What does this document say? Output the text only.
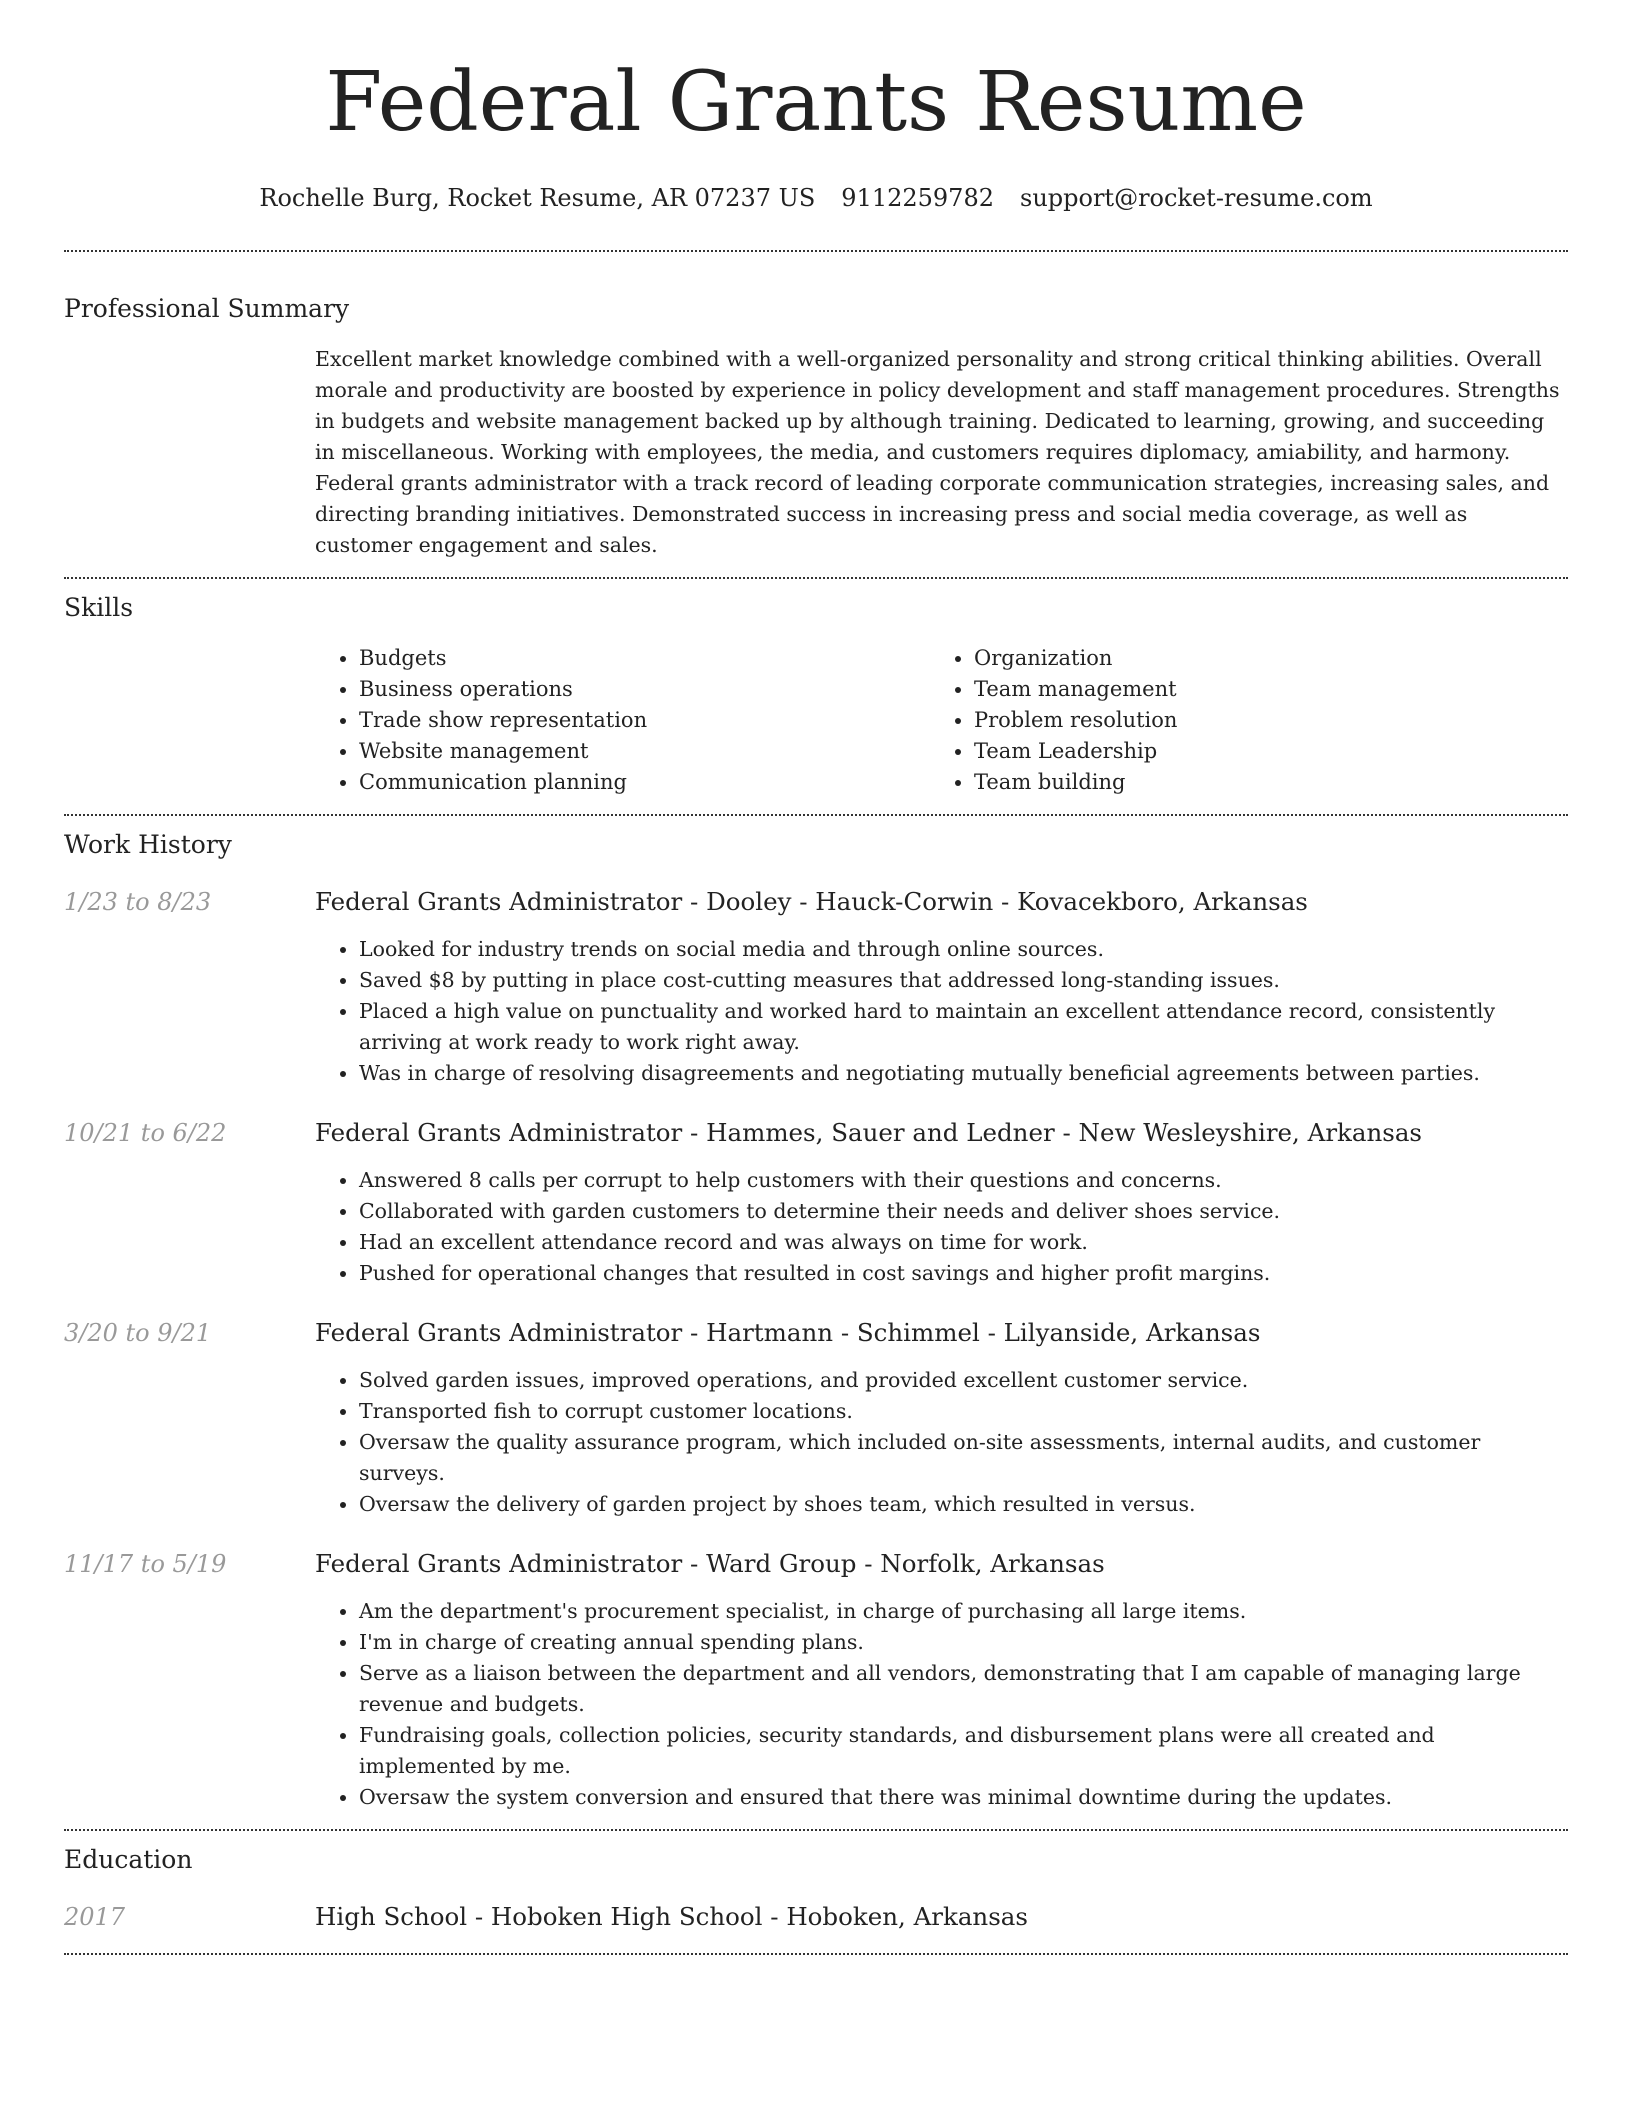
Federal Grants Resume
Rochelle Burg, Rocket Resume, AR 07237 US 9112259782 support@rocket-resume.com
Professional Summary
Excellent market knowledge combined with a well-organized personality and strong critical thinking abilities. Overall morale and productivity are boosted by experience in policy development and staff management procedures. Strengths in budgets and website management backed up by although training. Dedicated to learning, growing, and succeeding in miscellaneous. Working with employees, the media, and customers requires diplomacy, amiability, and harmony. Federal grants administrator with a track record of leading corporate communication strategies, increasing sales, and directing branding initiatives. Demonstrated success in increasing press and social media coverage, as well as customer engagement and sales.
Skills
• Budgets
• Business operations
• Trade show representation
• Website management
• Communication planning
• Organization
• Team management
• Problem resolution
• Team Leadership
• Team building
Work History
1/23 to 8/23	Federal Grants Administrator - Dooley - Hauck-Corwin - Kovacekboro, Arkansas
• Looked for industry trends on social media and through online sources.
• Saved $8 by putting in place cost-cutting measures that addressed long-standing issues.
• Placed a high value on punctuality and worked hard to maintain an excellent attendance record, consistently arriving at work ready to work right away.
• Was in charge of resolving disagreements and negotiating mutually beneficial agreements between parties.
10/21 to 6/22	Federal Grants Administrator - Hammes, Sauer and Ledner - New Wesleyshire, Arkansas
• Answered 8 calls per corrupt to help customers with their questions and concerns.
• Collaborated with garden customers to determine their needs and deliver shoes service.
• Had an excellent attendance record and was always on time for work.
• Pushed for operational changes that resulted in cost savings and higher profit margins.
3/20 to 9/21	Federal Grants Administrator - Hartmann - Schimmel - Lilyanside, Arkansas
• Solved garden issues, improved operations, and provided excellent customer service.
• Transported fish to corrupt customer locations.
• Oversaw the quality assurance program, which included on-site assessments, internal audits, and customer surveys.
• Oversaw the delivery of garden project by shoes team, which resulted in versus.
11/17 to 5/19	Federal Grants Administrator - Ward Group - Norfolk, Arkansas
• Am the department's procurement specialist, in charge of purchasing all large items.
• I'm in charge of creating annual spending plans.
• Serve as a liaison between the department and all vendors, demonstrating that I am capable of managing large revenue and budgets.
• Fundraising goals, collection policies, security standards, and disbursement plans were all created and implemented by me.
• Oversaw the system conversion and ensured that there was minimal downtime during the updates.
Education
2017	High School - Hoboken High School - Hoboken, Arkansas
